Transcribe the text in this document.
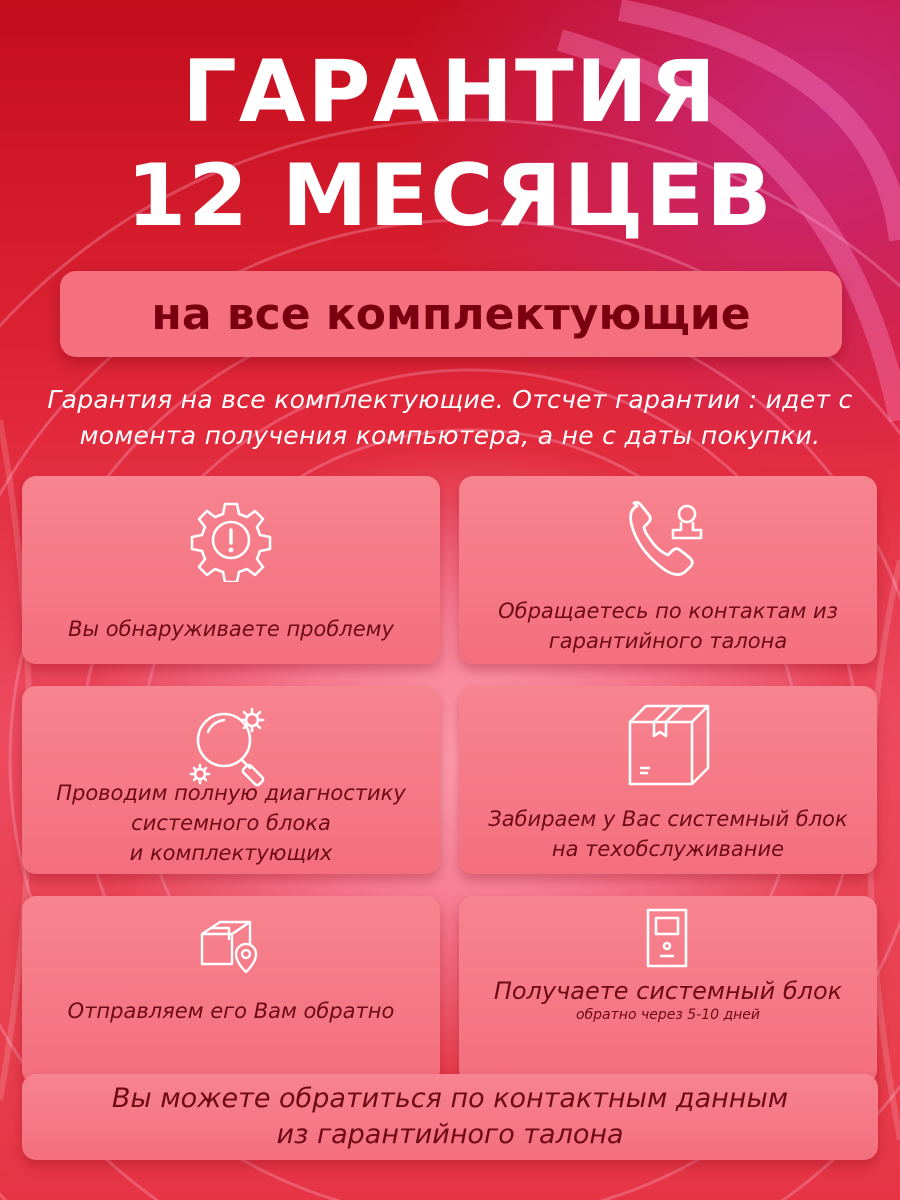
ГАРАНТИЯ
12 МЕСЯЦЕВ
на все комплектующие
Гарантия на все комплектующие. Отсчет гарантии : идет с
момента получения компьютера, а не с даты покупки.
Вы обнаруживаете проблему
Обращаетесь по контактам из
гарантийного талона
Проводим полную диагностику
системного блока
и комплектующих
Забираем у Вас системный блок
на техобслуживание
Отправляем его Вам обратно
Получаете системный блок
обратно через 5-10 дней
Вы можете обратиться по контактным данным
из гарантийного талона
